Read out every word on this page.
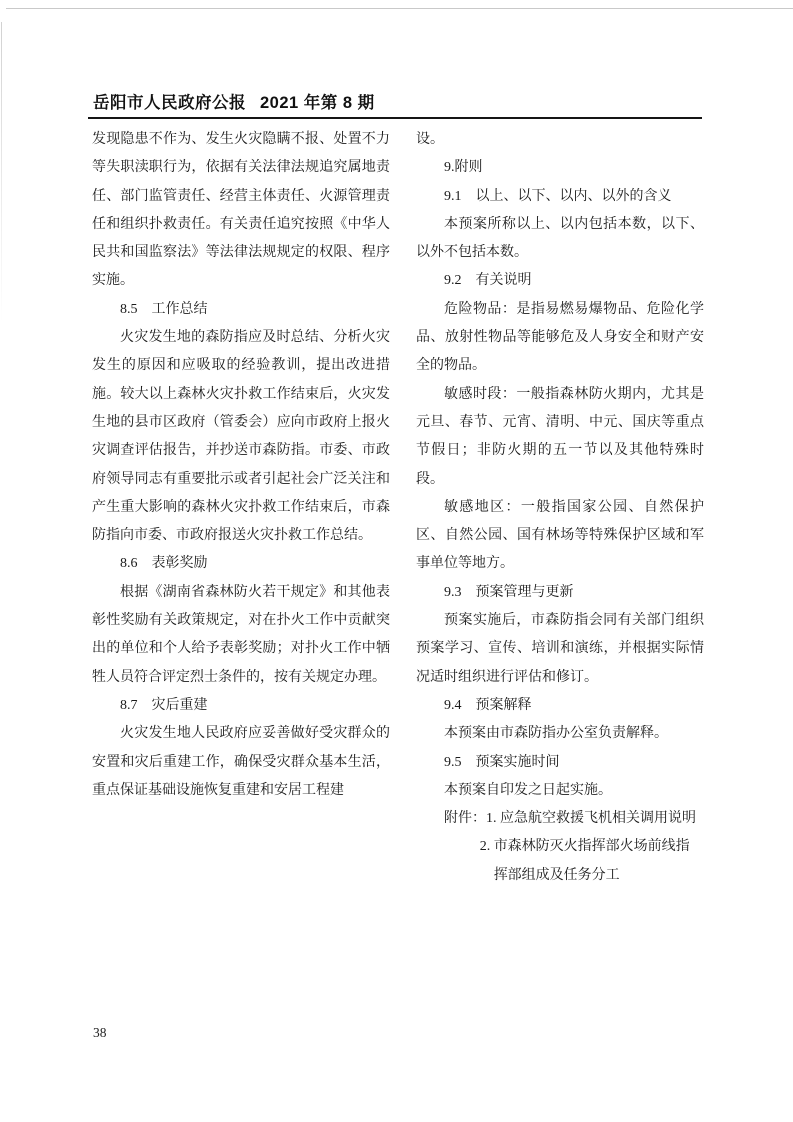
岳阳市人民政府公报 2021 年第 8 期
发现隐患不作为、发生火灾隐瞒不报、处置不力等失职渎职行为，依据有关法律法规追究属地责任、部门监管责任、经营主体责任、火源管理责任和组织扑救责任。有关责任追究按照《中华人民共和国监察法》等法律法规规定的权限、程序实施。
8.5　工作总结
火灾发生地的森防指应及时总结、分析火灾发生的原因和应吸取的经验教训，提出改进措施。较大以上森林火灾扑救工作结束后，火灾发生地的县市区政府（管委会）应向市政府上报火灾调查评估报告，并抄送市森防指。市委、市政府领导同志有重要批示或者引起社会广泛关注和产生重大影响的森林火灾扑救工作结束后，市森防指向市委、市政府报送火灾扑救工作总结。
8.6　表彰奖励
根据《湖南省森林防火若干规定》和其他表彰性奖励有关政策规定，对在扑火工作中贡献突出的单位和个人给予表彰奖励；对扑火工作中牺牲人员符合评定烈士条件的，按有关规定办理。
8.7　灾后重建
火灾发生地人民政府应妥善做好受灾群众的安置和灾后重建工作，确保受灾群众基本生活，重点保证基础设施恢复重建和安居工程建
设。
9.附则
9.1　以上、以下、以内、以外的含义
本预案所称以上、以内包括本数，以下、以外不包括本数。
9.2　有关说明
危险物品：是指易燃易爆物品、危险化学品、放射性物品等能够危及人身安全和财产安全的物品。
敏感时段：一般指森林防火期内，尤其是元旦、春节、元宵、清明、中元、国庆等重点节假日；非防火期的五一节以及其他特殊时段。
敏感地区：一般指国家公园、自然保护区、自然公园、国有林场等特殊保护区域和军事单位等地方。
9.3　预案管理与更新
预案实施后，市森防指会同有关部门组织预案学习、宣传、培训和演练，并根据实际情况适时组织进行评估和修订。
9.4　预案解释
本预案由市森防指办公室负责解释。
9.5　预案实施时间
本预案自印发之日起实施。
附件：1. 应急航空救援飞机相关调用说明
2. 市森林防灭火指挥部火场前线指
挥部组成及任务分工
38
